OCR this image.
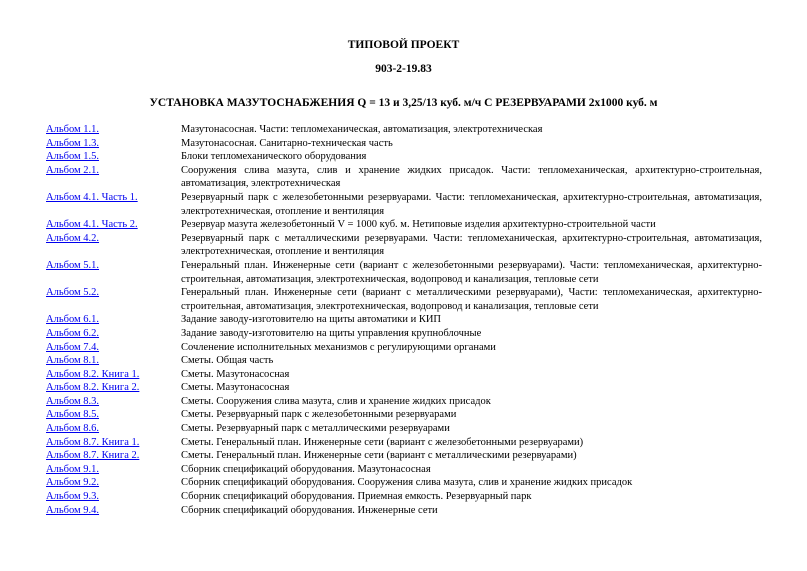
ТИПОВОЙ ПРОЕКТ
903-2-19.83
УСТАНОВКА МАЗУТОСНАБЖЕНИЯ Q = 13 и 3,25/13 куб. м/ч С РЕЗЕРВУАРАМИ 2х1000 куб. м
Альбом 1.1.	Мазутонасосная. Части: тепломеханическая, автоматизация, электротехническая
Альбом 1.3.	Мазутонасосная. Санитарно-техническая часть
Альбом 1.5.	Блоки тепломеханического оборудования
Альбом 2.1.	Сооружения слива мазута, слив и хранение жидких присадок. Части: тепломеханическая, архитектурно-строительная, автоматизация, электротехническая
Альбом 4.1. Часть 1.	Резервуарный парк с железобетонными резервуарами. Части: тепломеханическая, архитектурно-строительная, автоматизация, электротехническая, отопление и вентиляция
Альбом 4.1. Часть 2.	Резервуар мазута железобетонный V = 1000 куб. м. Нетиповые изделия архитектурно-строительной части
Альбом 4.2.	Резервуарный парк с металлическими резервуарами. Части: тепломеханическая, архитектурно-строительная, автоматизация, электротехническая, отопление и вентиляция
Альбом 5.1.	Генеральный план. Инженерные сети (вариант с железобетонными резервуарами). Части: тепломеханическая, архитектурно-строительная, автоматизация, электротехническая, водопровод и канализация, тепловые сети
Альбом 5.2.	Генеральный план. Инженерные сети (вариант с металлическими резервуарами), Части: тепломеханическая, архитектурно-строительная, автоматизация, электротехническая, водопровод и канализация, тепловые сети
Альбом 6.1.	Задание заводу-изготовителю на щиты автоматики и КИП
Альбом 6.2.	Задание заводу-изготовителю на щиты управления крупноблочные
Альбом 7.4.	Сочленение исполнительных механизмов с регулирующими органами
Альбом 8.1.	Сметы. Общая часть
Альбом 8.2. Книга 1.	Сметы. Мазутонасосная
Альбом 8.2. Книга 2.	Сметы. Мазутонасосная
Альбом 8.3.	Сметы. Сооружения слива мазута, слив и хранение жидких присадок
Альбом 8.5.	Сметы. Резервуарный парк с железобетонными резервуарами
Альбом 8.6.	Сметы. Резервуарный парк с металлическими резервуарами
Альбом 8.7. Книга 1.	Сметы. Генеральный план. Инженерные сети (вариант с железобетонными резервуарами)
Альбом 8.7. Книга 2.	Сметы. Генеральный план. Инженерные сети (вариант с металлическими резервуарами)
Альбом 9.1.	Сборник спецификаций оборудования. Мазутонасосная
Альбом 9.2.	Сборник спецификаций оборудования. Сооружения слива мазута, слив и хранение жидких присадок
Альбом 9.3.	Сборник спецификаций оборудования. Приемная емкость. Резервуарный парк
Альбом 9.4.	Сборник спецификаций оборудования. Инженерные сети
